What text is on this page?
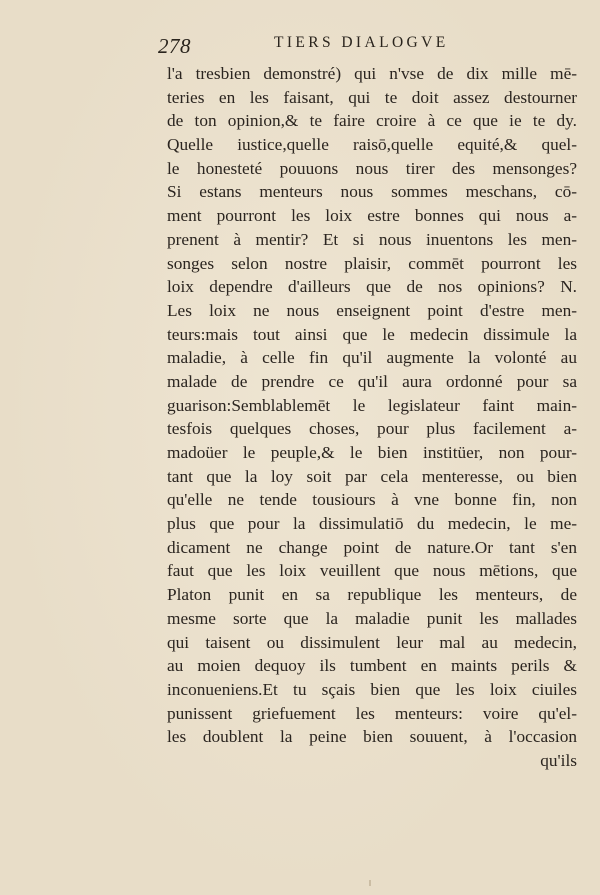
278	TIERS DIALOGVE
l'a tresbien demonstré) qui n'vse de dix mille mē-
teries en les faisant, qui te doit assez destourner
de ton opinion,& te faire croire à ce que ie te dy.
Quelle iustice,quelle raisō,quelle equité,& quel-
le honesteté pouuons nous tirer des mensonges?
Si estans menteurs nous sommes meschans, cō-
ment pourront les loix estre bonnes qui nous a-
prenent à mentir? Et si nous inuentons les men-
songes selon nostre plaisir, commēt pourront les
loix dependre d'ailleurs que de nos opinions? N.
Les loix ne nous enseignent point d'estre men-
teurs:mais tout ainsi que le medecin dissimule la
maladie, à celle fin qu'il augmente la volonté au
malade de prendre ce qu'il aura ordonné pour sa
guarison:Semblablemēt le legislateur faint main-
tesfois quelques choses, pour plus facilement a-
madoüer le peuple,& le bien institüer, non pour-
tant que la loy soit par cela menteresse, ou bien
qu'elle ne tende tousiours à vne bonne fin, non
plus que pour la dissimulatiō du medecin, le me-
dicament ne change point de nature.Or tant s'en
faut que les loix veuillent que nous mētions, que
Platon punit en sa republique les menteurs, de
mesme sorte que la maladie punit les mallades
qui taisent ou dissimulent leur mal au medecin,
au moien dequoy ils tumbent en maints perils &
inconueniens.Et tu sçais bien que les loix ciuiles
punissent griefuement les menteurs: voire qu'el-
les doublent la peine bien souuent, à l'occasion
qu'ils
